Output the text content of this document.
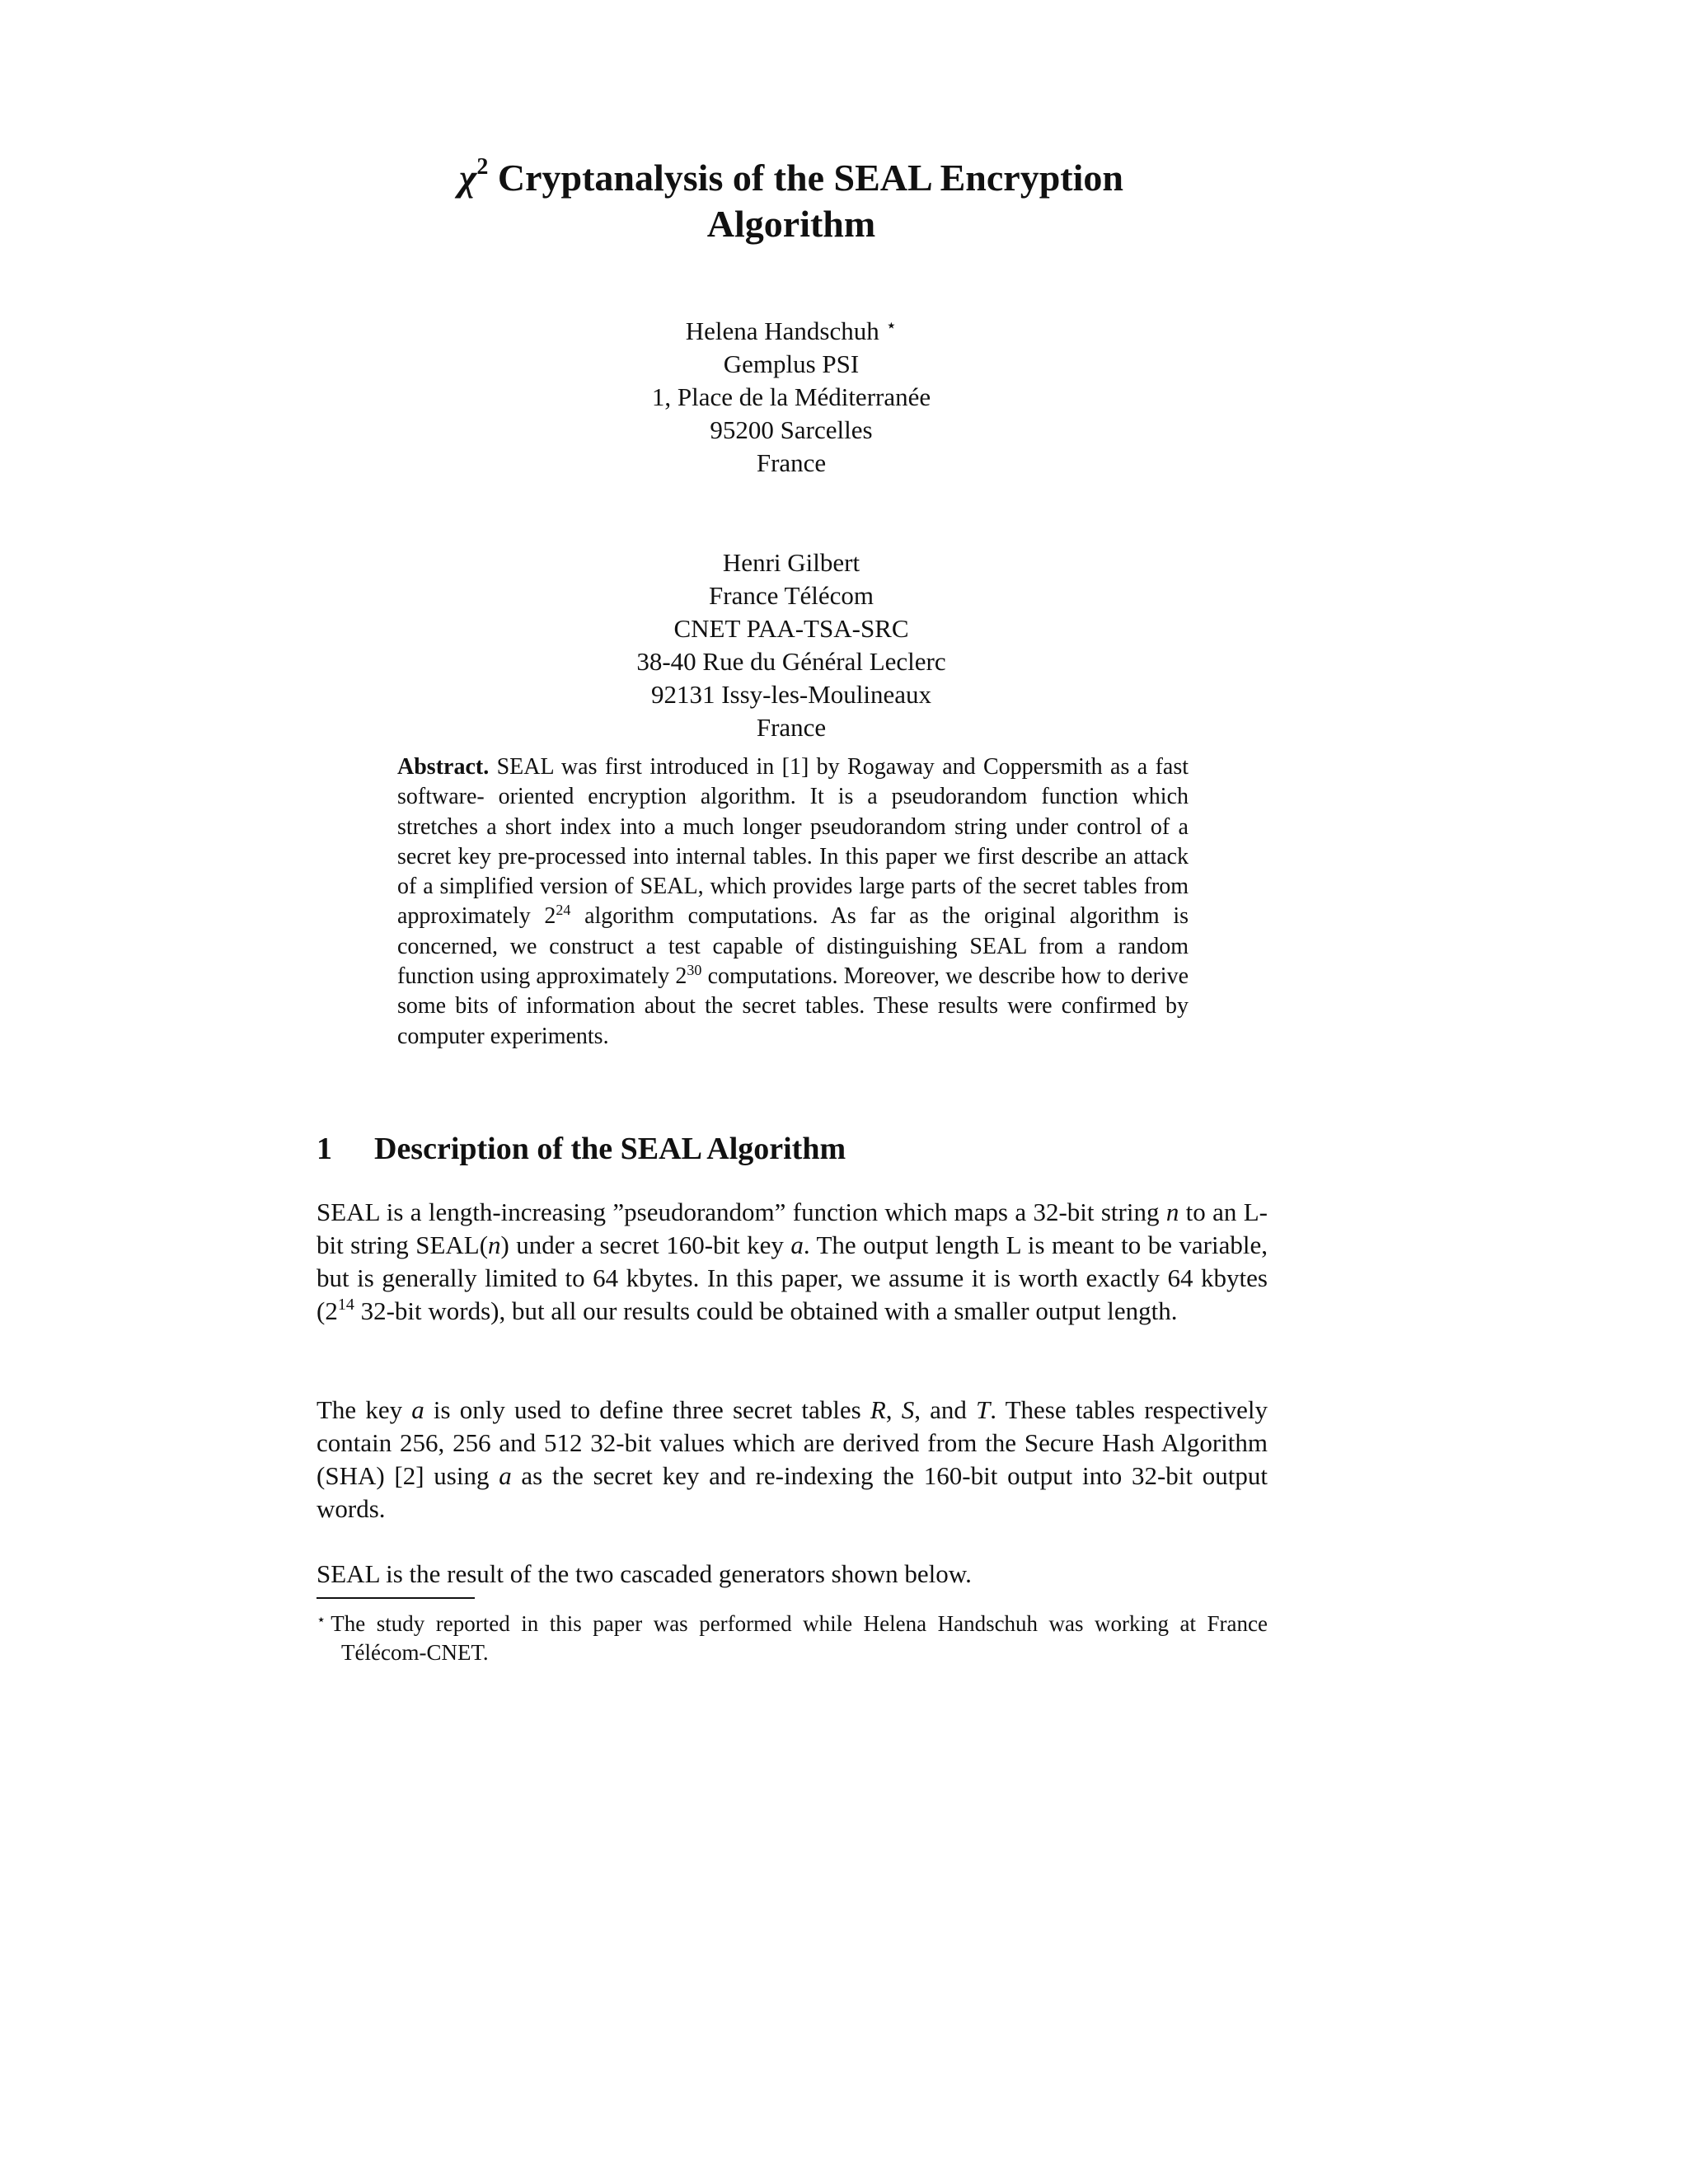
$\chi^2$ Cryptanalysis of the SEAL Encryption
Algorithm
Helena Handschuh ⋆
Gemplus PSI
1, Place de la Méditerranée
95200 Sarcelles
France
Henri Gilbert
France Télécom
CNET PAA-TSA-SRC
38-40 Rue du Général Leclerc
92131 Issy-les-Moulineaux
France
Abstract. SEAL was first introduced in [1] by Rogaway and Coppersmith as a fast software- oriented encryption algorithm. It is a pseudorandom function which stretches a short index into a much longer pseudorandom string under control of a secret key pre-processed into internal tables. In this paper we first describe an attack of a simplified version of SEAL, which provides large parts of the secret tables from approximately $2^{24}$ algorithm computations. As far as the original algorithm is concerned, we construct a test capable of distinguishing SEAL from a random function using approximately $2^{30}$ computations. Moreover, we describe how to derive some bits of information about the secret tables. These results were confirmed by computer experiments.
1 Description of the SEAL Algorithm
SEAL is a length-increasing ”pseudorandom” function which maps a 32-bit string n to an L-bit string SEAL(n) under a secret 160-bit key a. The output length L is meant to be variable, but is generally limited to 64 kbytes. In this paper, we assume it is worth exactly 64 kbytes ($2^{14}$ 32-bit words), but all our results could be obtained with a smaller output length.
The key a is only used to define three secret tables R, S, and T. These tables respectively contain 256, 256 and 512 32-bit values which are derived from the Secure Hash Algorithm (SHA) [2] using a as the secret key and re-indexing the 160-bit output into 32-bit output words.
SEAL is the result of the two cascaded generators shown below.
⋆ The study reported in this paper was performed while Helena Handschuh was working at France Télécom-CNET.
